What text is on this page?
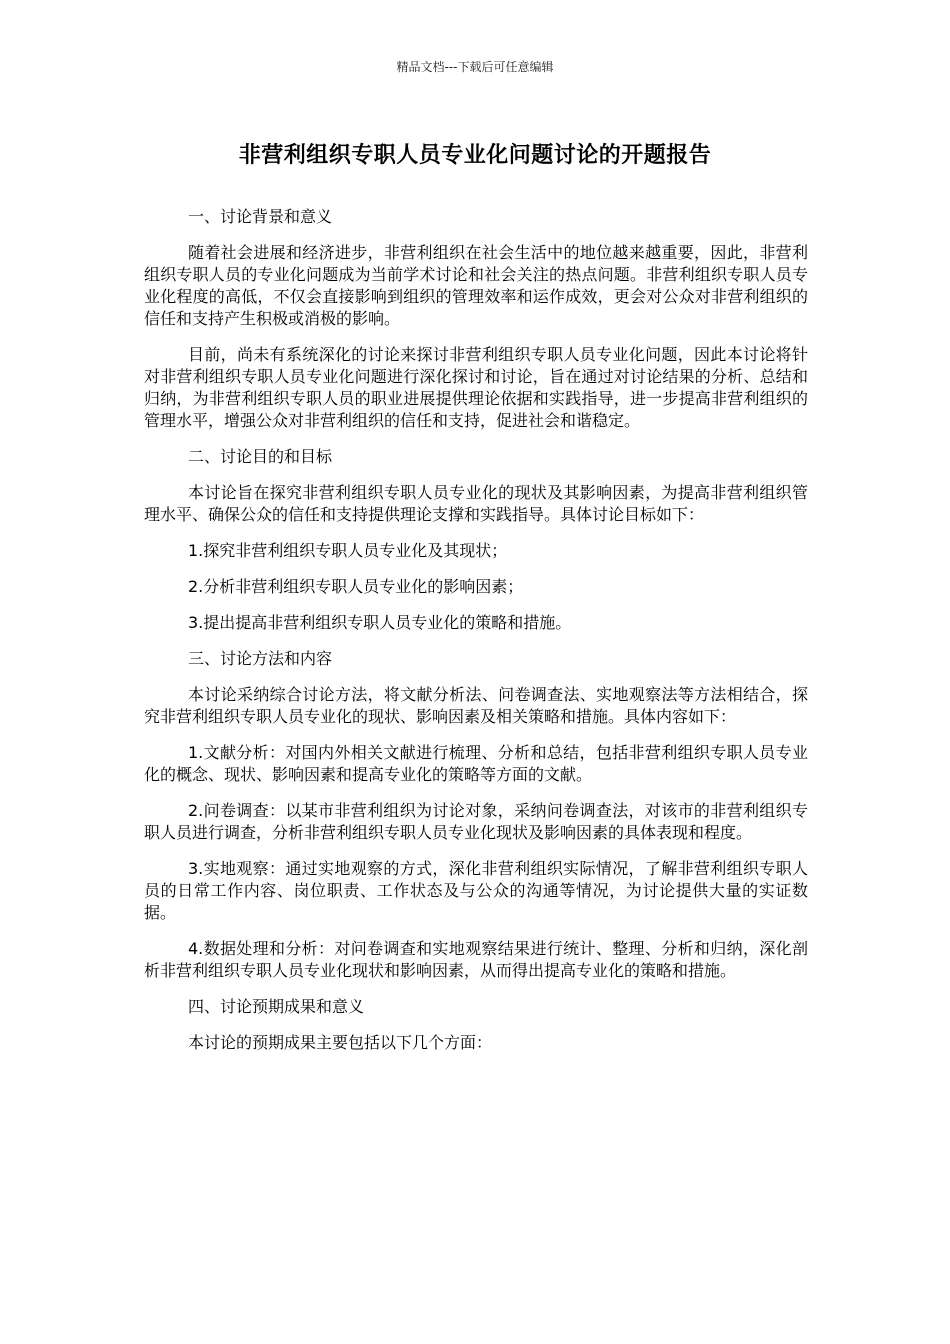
精品文档---下载后可任意编辑
非营利组织专职人员专业化问题讨论的开题报告

一、讨论背景和意义

随着社会进展和经济进步，非营利组织在社会生活中的地位越来越重要，因此，非营利组织专职人员的专业化问题成为当前学术讨论和社会关注的热点问题。非营利组织专职人员专业化程度的高低，不仅会直接影响到组织的管理效率和运作成效，更会对公众对非营利组织的信任和支持产生积极或消极的影响。

目前，尚未有系统深化的讨论来探讨非营利组织专职人员专业化问题，因此本讨论将针对非营利组织专职人员专业化问题进行深化探讨和讨论，旨在通过对讨论结果的分析、总结和归纳，为非营利组织专职人员的职业进展提供理论依据和实践指导，进一步提高非营利组织的管理水平，增强公众对非营利组织的信任和支持，促进社会和谐稳定。

二、讨论目的和目标

本讨论旨在探究非营利组织专职人员专业化的现状及其影响因素，为提高非营利组织管理水平、确保公众的信任和支持提供理论支撑和实践指导。具体讨论目标如下：

1.探究非营利组织专职人员专业化及其现状；

2.分析非营利组织专职人员专业化的影响因素；

3.提出提高非营利组织专职人员专业化的策略和措施。

三、讨论方法和内容

本讨论采纳综合讨论方法，将文献分析法、问卷调查法、实地观察法等方法相结合，探究非营利组织专职人员专业化的现状、影响因素及相关策略和措施。具体内容如下：

1.文献分析：对国内外相关文献进行梳理、分析和总结，包括非营利组织专职人员专业化的概念、现状、影响因素和提高专业化的策略等方面的文献。

2.问卷调查：以某市非营利组织为讨论对象，采纳问卷调查法，对该市的非营利组织专职人员进行调查，分析非营利组织专职人员专业化现状及影响因素的具体表现和程度。

3.实地观察：通过实地观察的方式，深化非营利组织实际情况，了解非营利组织专职人员的日常工作内容、岗位职责、工作状态及与公众的沟通等情况，为讨论提供大量的实证数据。

4.数据处理和分析：对问卷调查和实地观察结果进行统计、整理、分析和归纳，深化剖析非营利组织专职人员专业化现状和影响因素，从而得出提高专业化的策略和措施。

四、讨论预期成果和意义

本讨论的预期成果主要包括以下几个方面：
